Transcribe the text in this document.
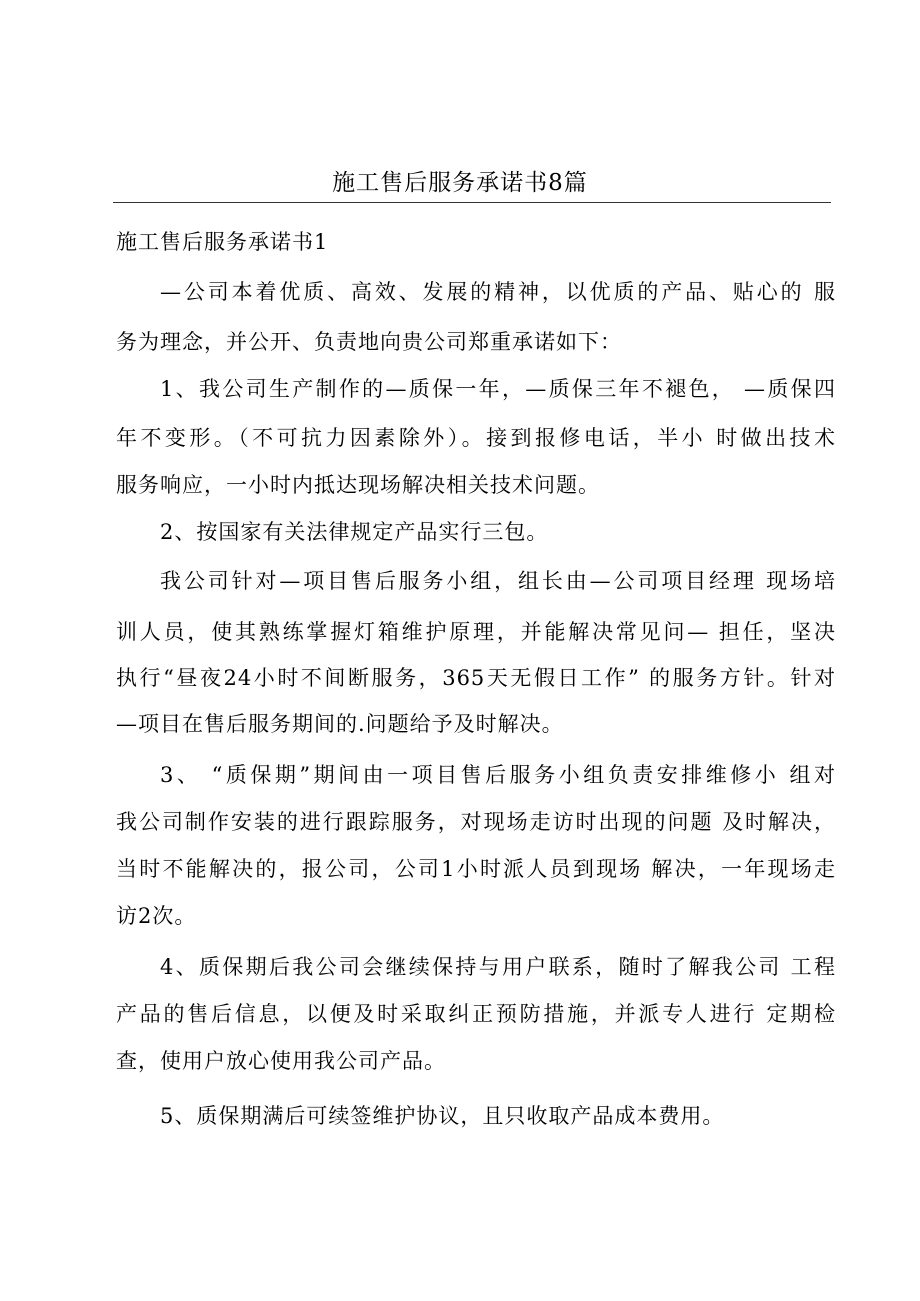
施工售后服务承诺书8篇
施工售后服务承诺书1
—公司本着优质、高效、发展的精神，以优质的产品、贴心的 服
务为理念，并公开、负责地向贵公司郑重承诺如下：
1、我公司生产制作的—质保一年，—质保三年不褪色， —质保四
年不变形。（不可抗力因素除外）。接到报修电话，半小 时做出技术
服务响应，一小时内抵达现场解决相关技术问题。
2、按国家有关法律规定产品实行三包。
我公司针对—项目售后服务小组，组长由—公司项目经理 现场培
训人员，使其熟练掌握灯箱维护原理，并能解决常见问— 担任，坚决
执行“昼夜24小时不间断服务，365天无假日工作” 的服务方针。针对
—项目在售后服务期间的.问题给予及时解决。
3、 “质保期”期间由一项目售后服务小组负责安排维修小 组对
我公司制作安装的进行跟踪服务，对现场走访时出现的问题 及时解决，
当时不能解决的，报公司，公司1小时派人员到现场 解决，一年现场走
访2次。
4、质保期后我公司会继续保持与用户联系，随时了解我公司 工程
产品的售后信息，以便及时采取纠正预防措施，并派专人进行 定期检
查，使用户放心使用我公司产品。
5、质保期满后可续签维护协议，且只收取产品成本费用。
